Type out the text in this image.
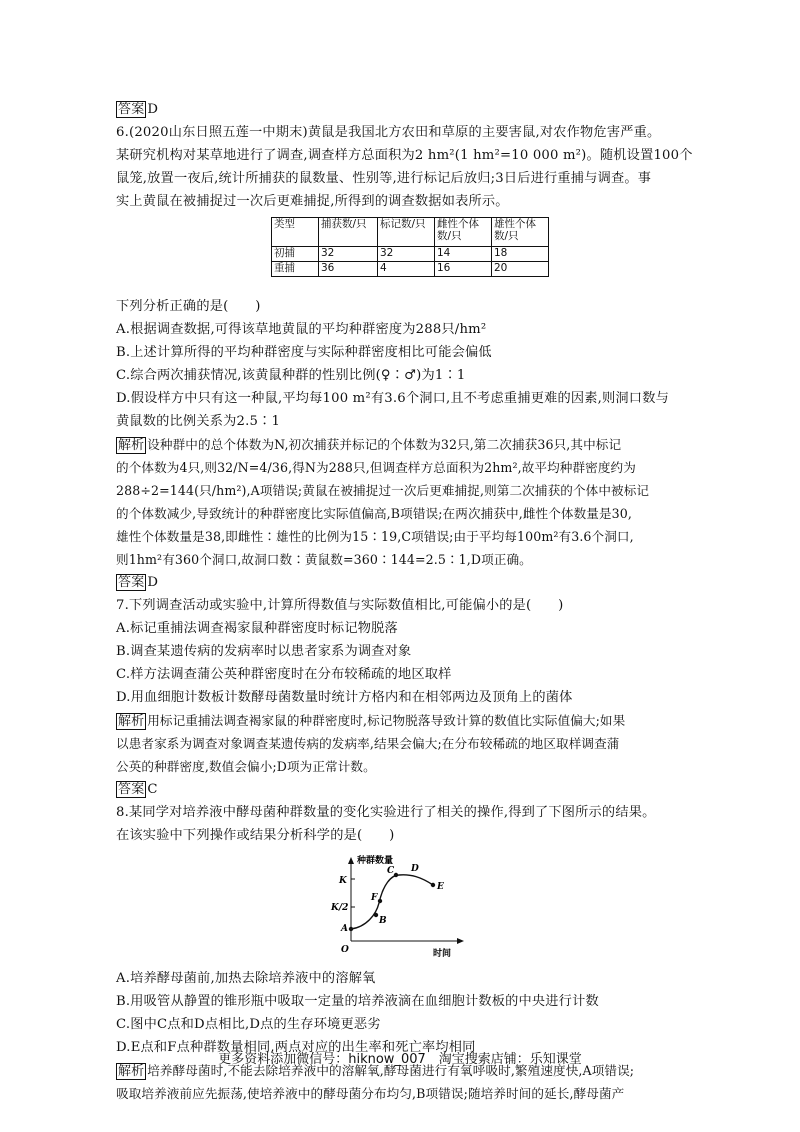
答案 D
6.(2020山东日照五莲一中期末)黄鼠是我国北方农田和草原的主要害鼠,对农作物危害严重。
某研究机构对某草地进行了调查,调查样方总面积为2 hm²(1 hm²=10 000 m²)。随机设置100个
鼠笼,放置一夜后,统计所捕获的鼠数量、性别等,进行标记后放归;3日后进行重捕与调查。事
实上黄鼠在被捕捉过一次后更难捕捉,所得到的调查数据如表所示。
类型	捕获数/只	标记数/只	雌性个体数/只	雄性个体数/只
初捕	32	32	14	18
重捕	36	4	16	20
下列分析正确的是(　　)
A.根据调查数据,可得该草地黄鼠的平均种群密度为288只/hm²
B.上述计算所得的平均种群密度与实际种群密度相比可能会偏低
C.综合两次捕获情况,该黄鼠种群的性别比例(♀∶♂)为1∶1
D.假设样方中只有这一种鼠,平均每100 m²有3.6个洞口,且不考虑重捕更难的因素,则洞口数与
黄鼠数的比例关系为2.5∶1
解析 设种群中的总个体数为N,初次捕获并标记的个体数为32只,第二次捕获36只,其中标记
的个体数为4只,则32/N=4/36,得N为288只,但调查样方总面积为2hm²,故平均种群密度约为
288÷2=144(只/hm²),A项错误;黄鼠在被捕捉过一次后更难捕捉,则第二次捕获的个体中被标记
的个体数减少,导致统计的种群密度比实际值偏高,B项错误;在两次捕获中,雌性个体数量是30,
雄性个体数量是38,即雌性∶雄性的比例为15∶19,C项错误;由于平均每100m²有3.6个洞口,
则1hm²有360个洞口,故洞口数∶黄鼠数=360∶144=2.5∶1,D项正确。
答案 D
7.下列调查活动或实验中,计算所得数值与实际数值相比,可能偏小的是(　　)
A.标记重捕法调查褐家鼠种群密度时标记物脱落
B.调查某遗传病的发病率时以患者家系为调查对象
C.样方法调查蒲公英种群密度时在分布较稀疏的地区取样
D.用血细胞计数板计数酵母菌数量时统计方格内和在相邻两边及顶角上的菌体
解析 用标记重捕法调查褐家鼠的种群密度时,标记物脱落导致计算的数值比实际值偏大;如果
以患者家系为调查对象调查某遗传病的发病率,结果会偏大;在分布较稀疏的地区取样调查蒲
公英的种群密度,数值会偏小;D项为正常计数。
答案 C
8.某同学对培养液中酵母菌种群数量的变化实验进行了相关的操作,得到了下图所示的结果。
在该实验中下列操作或结果分析科学的是(　　)
种群数量
时间
K
K/2
O
A
B
F
C D
E
A.培养酵母菌前,加热去除培养液中的溶解氧
B.用吸管从静置的锥形瓶中吸取一定量的培养液滴在血细胞计数板的中央进行计数
C.图中C点和D点相比,D点的生存环境更恶劣
D.E点和F点种群数量相同,两点对应的出生率和死亡率均相同
解析 培养酵母菌时,不能去除培养液中的溶解氧,酵母菌进行有氧呼吸时,繁殖速度快,A项错误;
吸取培养液前应先振荡,使培养液中的酵母菌分布均匀,B项错误;随培养时间的延长,酵母菌产
更多资料添加微信号：hiknow_007　淘宝搜索店铺：乐知课堂
